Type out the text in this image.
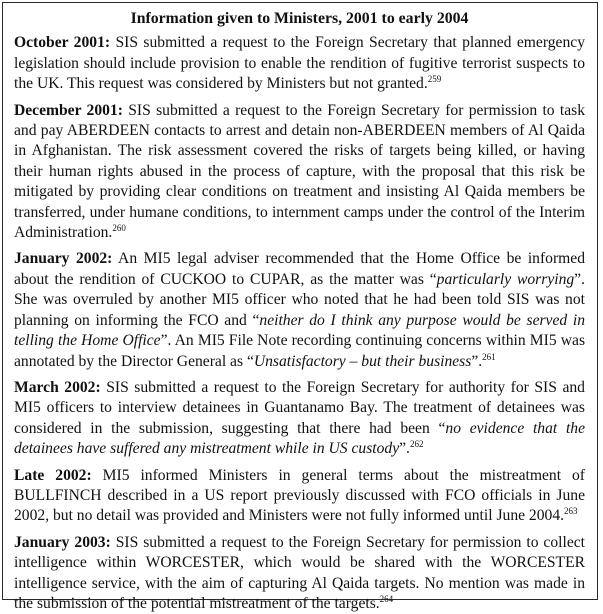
Information given to Ministers, 2001 to early 2004
October 2001: SIS submitted a request to the Foreign Secretary that planned emergency legislation should include provision to enable the rendition of fugitive terrorist suspects to the UK. This request was considered by Ministers but not granted.$^{259}$
December 2001: SIS submitted a request to the Foreign Secretary for permission to task and pay ABERDEEN contacts to arrest and detain non-ABERDEEN members of Al Qaida in Afghanistan. The risk assessment covered the risks of targets being killed, or having their human rights abused in the process of capture, with the proposal that this risk be mitigated by providing clear conditions on treatment and insisting Al Qaida members be transferred, under humane conditions, to internment camps under the control of the Interim Administration.$^{260}$
January 2002: An MI5 legal adviser recommended that the Home Office be informed about the rendition of CUCKOO to CUPAR, as the matter was “particularly worrying”. She was overruled by another MI5 officer who noted that he had been told SIS was not planning on informing the FCO and “neither do I think any purpose would be served in telling the Home Office”. An MI5 File Note recording continuing concerns within MI5 was annotated by the Director General as “Unsatisfactory – but their business”.$^{261}$
March 2002: SIS submitted a request to the Foreign Secretary for authority for SIS and MI5 officers to interview detainees in Guantanamo Bay. The treatment of detainees was considered in the submission, suggesting that there had been “no evidence that the detainees have suffered any mistreatment while in US custody”.$^{262}$
Late 2002: MI5 informed Ministers in general terms about the mistreatment of BULLFINCH described in a US report previously discussed with FCO officials in June 2002, but no detail was provided and Ministers were not fully informed until June 2004.$^{263}$
January 2003: SIS submitted a request to the Foreign Secretary for permission to collect intelligence within WORCESTER, which would be shared with the WORCESTER intelligence service, with the aim of capturing Al Qaida targets. No mention was made in the submission of the potential mistreatment of the targets.$^{264}$
